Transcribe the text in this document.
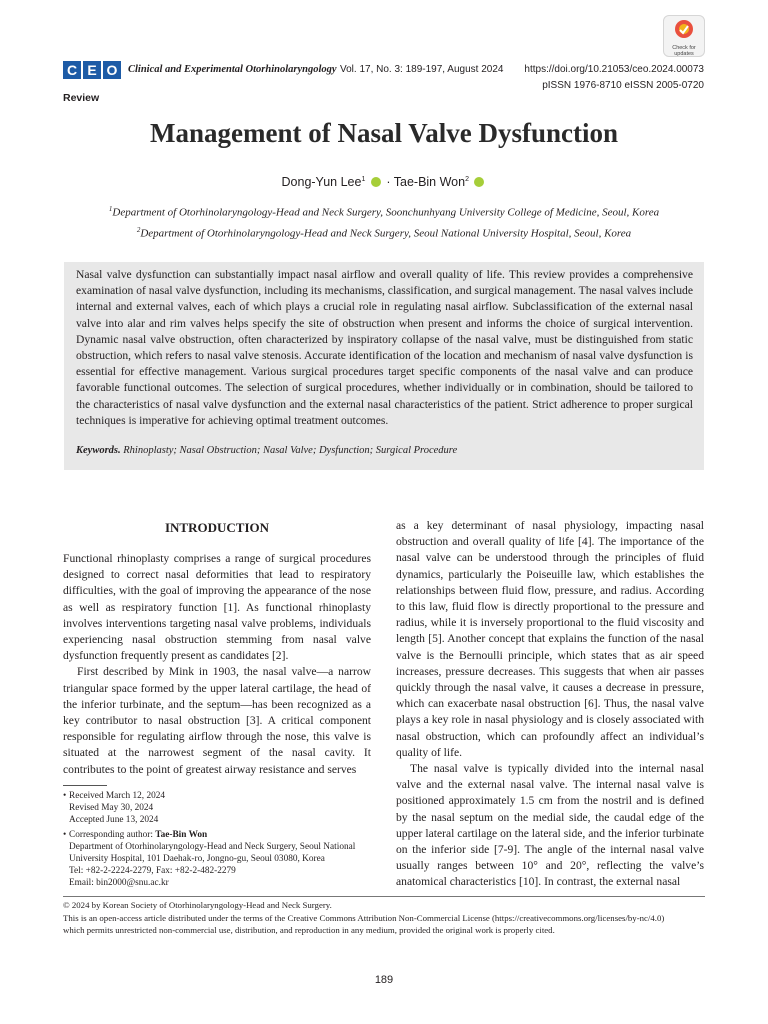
C E O	Clinical and Experimental Otorhinolaryngology Vol. 17, No. 3: 189-197, August 2024 https://doi.org/10.21053/ceo.2024.00073
pISSN 1976-8710 eISSN 2005-0720
Check for updates
Review
Management of Nasal Valve Dysfunction
Dong-Yun Lee$^1$ · Tae-Bin Won$^2$
$^1$Department of Otorhinolaryngology-Head and Neck Surgery, Soonchunhyang University College of Medicine, Seoul, Korea
$^2$Department of Otorhinolaryngology-Head and Neck Surgery, Seoul National University Hospital, Seoul, Korea
Nasal valve dysfunction can substantially impact nasal airflow and overall quality of life. This review provides a comprehensive examination of nasal valve dysfunction, including its mechanisms, classification, and surgical management. The nasal valves include internal and external valves, each of which plays a crucial role in regulating nasal airflow. Subclassification of the external nasal valve into alar and rim valves helps specify the site of obstruction when present and informs the choice of surgical intervention. Dynamic nasal valve obstruction, often characterized by inspiratory collapse of the nasal valve, must be distinguished from static obstruction, which refers to nasal valve stenosis. Accurate identification of the location and mechanism of nasal valve dysfunction is essential for effective management. Various surgical procedures target specific components of the nasal valve and can produce favorable functional outcomes. The selection of surgical procedures, whether individually or in combination, should be tailored to the characteristics of nasal valve dysfunction and the external nasal characteristics of the patient. Strict adherence to proper surgical techniques is imperative for achieving optimal treatment outcomes.
Keywords. Rhinoplasty; Nasal Obstruction; Nasal Valve; Dysfunction; Surgical Procedure
INTRODUCTION

Functional rhinoplasty comprises a range of surgical procedures designed to correct nasal deformities that lead to respiratory difficulties, with the goal of improving the appearance of the nose as well as respiratory function [1]. As functional rhinoplasty involves interventions targeting nasal valve problems, individuals experiencing nasal obstruction stemming from nasal valve dysfunction frequently present as candidates [2].

First described by Mink in 1903, the nasal valve—a narrow triangular space formed by the upper lateral cartilage, the head of the inferior turbinate, and the septum—has been recognized as a key contributor to nasal obstruction [3]. A critical component responsible for regulating airflow through the nose, this valve is situated at the narrowest segment of the nasal cavity. It contributes to the point of greatest airway resistance and serves

as a key determinant of nasal physiology, impacting nasal obstruction and overall quality of life [4]. The importance of the nasal valve can be understood through the principles of fluid dynamics, particularly the Poiseuille law, which establishes the relationships between fluid flow, pressure, and radius. According to this law, fluid flow is directly proportional to the pressure and radius, while it is inversely proportional to the fluid viscosity and length [5]. Another concept that explains the function of the nasal valve is the Bernoulli principle, which states that as air speed increases, pressure decreases. This suggests that when air passes quickly through the nasal valve, it causes a decrease in pressure, which can exacerbate nasal obstruction [6]. Thus, the nasal valve plays a key role in nasal physiology and is closely associated with nasal obstruction, which can profoundly affect an individual’s quality of life.

The nasal valve is typically divided into the internal nasal valve and the external nasal valve. The internal nasal valve is positioned approximately 1.5 cm from the nostril and is defined by the nasal septum on the medial side, the caudal edge of the upper lateral cartilage on the lateral side, and the inferior turbinate on the inferior side [7-9]. The angle of the internal nasal valve usually ranges between 10° and 20°, reflecting the valve’s anatomical characteristics [10]. In contrast, the external nasal

• Received March 12, 2024
Revised May 30, 2024
Accepted June 13, 2024
• Corresponding author: Tae-Bin Won
Department of Otorhinolaryngology-Head and Neck Surgery, Seoul National
University Hospital, 101 Daehak-ro, Jongno-gu, Seoul 03080, Korea
Tel: +82-2-2224-2279, Fax: +82-2-482-2279
Email: bin2000@snu.ac.kr
© 2024 by Korean Society of Otorhinolaryngology-Head and Neck Surgery.
This is an open-access article distributed under the terms of the Creative Commons Attribution Non-Commercial License (https://creativecommons.org/licenses/by-nc/4.0)
which permits unrestricted non-commercial use, distribution, and reproduction in any medium, provided the original work is properly cited.
189
